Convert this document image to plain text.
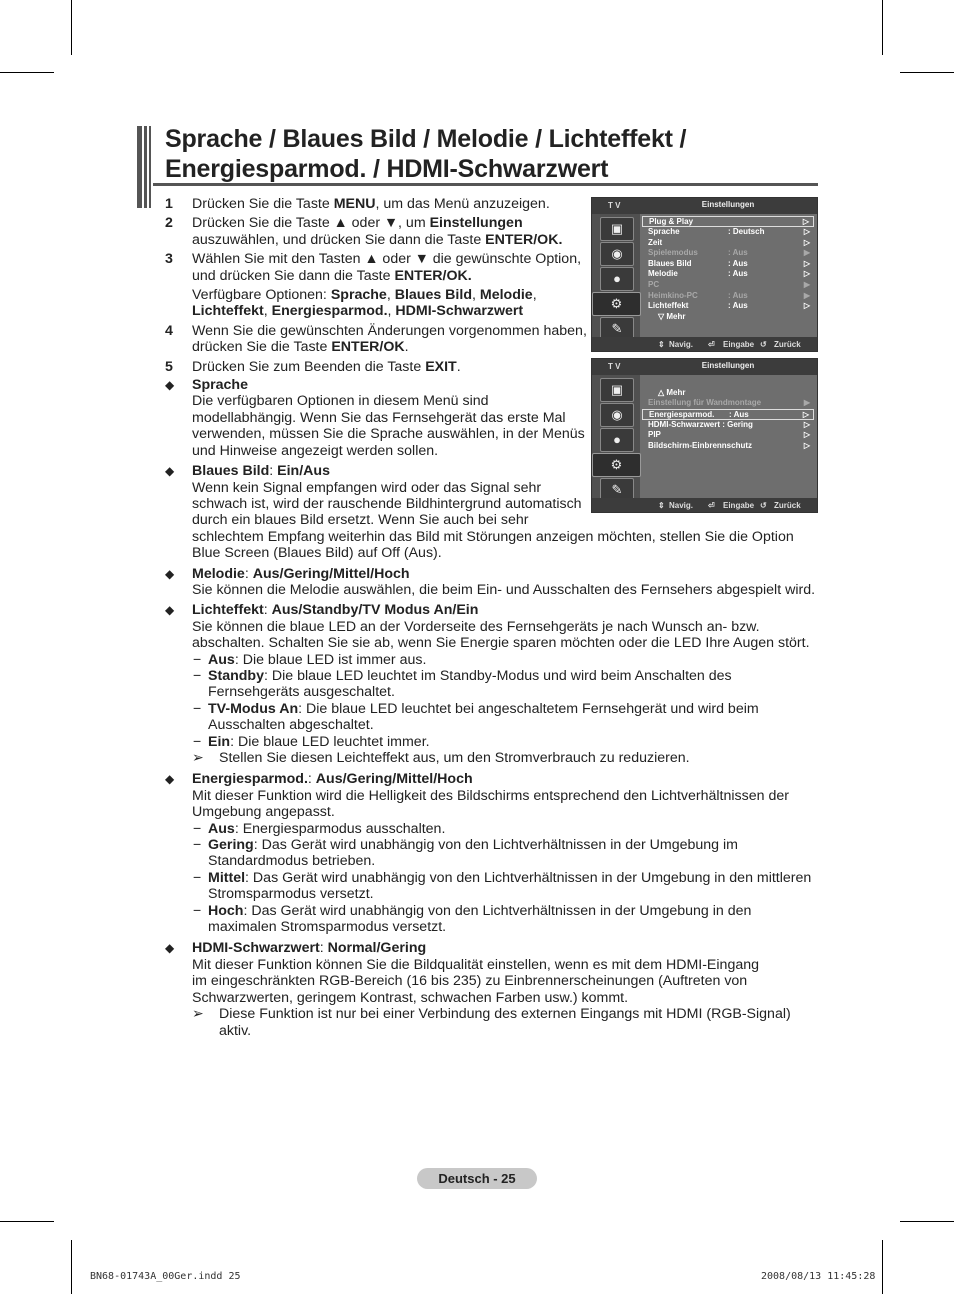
Sprache / Blaues Bild / Melodie / Lichteffekt /
Energiesparmod. / HDMI-Schwarzwert
1 Drücken Sie die Taste MENU, um das Menü anzuzeigen.
2 Drücken Sie die Taste ▲ oder ▼, um Einstellungen
auszuwählen, und drücken Sie dann die Taste ENTER/OK.
3 Wählen Sie mit den Tasten ▲ oder ▼ die gewünschte Option, und drücken Sie dann die Taste ENTER/OK.
Verfügbare Optionen: Sprache, Blaues Bild, Melodie, Lichteffekt, Energiesparmod., HDMI-Schwarzwert
4 Wenn Sie die gewünschten Änderungen vorgenommen haben, drücken Sie die Taste ENTER/OK.
5 Drücken Sie zum Beenden die Taste EXIT.
◆ Sprache
Die verfügbaren Optionen in diesem Menü sind modellabhängig. Wenn Sie das Fernsehgerät das erste Mal verwenden, müssen Sie die Sprache auswählen, in der Menüs und Hinweise angezeigt werden sollen.
◆ Blaues Bild: Ein/Aus
Wenn kein Signal empfangen wird oder das Signal sehr schwach ist, wird der rauschende Bildhintergrund automatisch durch ein blaues Bild ersetzt. Wenn Sie auch bei sehr
schlechtem Empfang weiterhin das Bild mit Störungen anzeigen möchten, stellen Sie die Option Blue Screen (Blaues Bild) auf Off (Aus).
◆ Melodie: Aus/Gering/Mittel/Hoch
Sie können die Melodie auswählen, die beim Ein- und Ausschalten des Fernsehers abgespielt wird.
◆ Lichteffekt: Aus/Standby/TV Modus An/Ein
Sie können die blaue LED an der Vorderseite des Fernsehgeräts je nach Wunsch an- bzw. abschalten. Schalten Sie sie ab, wenn Sie Energie sparen möchten oder die LED Ihre Augen stört.
− Aus: Die blaue LED ist immer aus.
− Standby: Die blaue LED leuchtet im Standby-Modus und wird beim Anschalten des Fernsehgeräts ausgeschaltet.
− TV-Modus An: Die blaue LED leuchtet bei angeschaltetem Fernsehgerät und wird beim Ausschalten abgeschaltet.
− Ein: Die blaue LED leuchtet immer.
➢ Stellen Sie diesen Leichteffekt aus, um den Stromverbrauch zu reduzieren.
◆ Energiesparmod.: Aus/Gering/Mittel/Hoch
Mit dieser Funktion wird die Helligkeit des Bildschirms entsprechend den Lichtverhältnissen der Umgebung angepasst.
− Aus: Energiesparmodus ausschalten.
− Gering: Das Gerät wird unabhängig von den Lichtverhältnissen in der Umgebung im Standardmodus betrieben.
− Mittel: Das Gerät wird unabhängig von den Lichtverhältnissen in der Umgebung in den mittleren Stromsparmodus versetzt.
− Hoch: Das Gerät wird unabhängig von den Lichtverhältnissen in der Umgebung in den maximalen Stromsparmodus versetzt.
◆ HDMI-Schwarzwert: Normal/Gering
Mit dieser Funktion können Sie die Bildqualität einstellen, wenn es mit dem HDMI-Eingang im eingeschränkten RGB-Bereich (16 bis 235) zu Einbrennerscheinungen (Auftreten von Schwarzwerten, geringem Kontrast, schwachen Farben usw.) kommt.
➢ Diese Funktion ist nur bei einer Verbindung des externen Eingangs mit HDMI (RGB-Signal) aktiv.
T V	Einstellungen
▣
◉
●
⚙
✎
Plug & Play	▷
Sprache	: Deutsch	▷
Zeit	▷
Spielemodus	: Aus	▶
Blaues Bild	: Aus	▷
Melodie	: Aus	▷
PC	▶
Heimkino-PC	: Aus	▶
Lichteffekt	: Aus	▷
▽ Mehr
⇕ Navig. ⏎ Eingabe ↺ Zurück
T V	Einstellungen
▣
◉
●
⚙
✎
△ Mehr
Einstellung für Wandmontage	▶
Energiesparmod. : Aus	▷
HDMI-Schwarzwert : Gering	▷
PIP	▷
Bildschirm-Einbrennschutz	▷
⇕ Navig. ⏎ Eingabe ↺ Zurück
Deutsch - 25
BN68-01743A_00Ger.indd 25	2008/08/13 11:45:28
